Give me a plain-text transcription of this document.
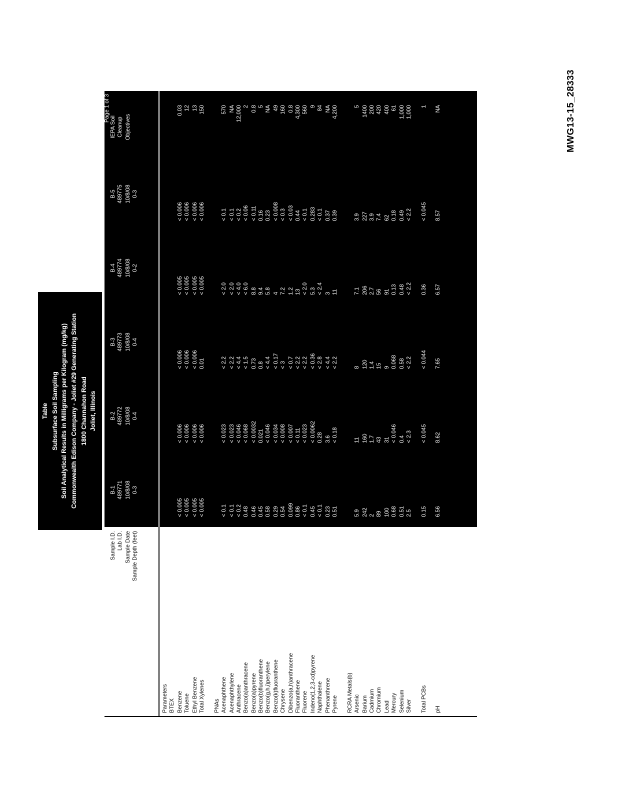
Table Subsurface Soil Sampling Soil Analytical Results in Milligrams per Kilogram (mg/kg) Commonwealth Edison Company - Joliet #29 Generating Station 1800 Channahon Road Joliet, Illinois
Sample I.D. Lab I.D. Sample Date Sample Depth (feet)
Parameters BTEX Benzene Toluene Ethyl Benzene Total Xylenes PNAs Acenaphthene Acenaphthylene Anthracene Benzo(a)anthracene Benzo(a)pyrene Benzo(b)fluoranthene Benzo(g,h,i)perylene Benzo(k)fluoranthene Chrysene Dibenzo(a,h)anthracene Fluoranthene Fluorene Indeno(1,2,3-cd)pyrene Naphthalene Phenanthrene Pyrene RCRA Metals(b) Arsenic Barium Cadmium Chromium Lead Mercury Selenium Silver Total PCBs pH
Page 1 of 3
B-1 489771 10/8/08 0-3
B-2 489772 10/8/08 0-4
B-3 489773 10/8/08 0-4
B-4 489774 10/8/08 0-2
B-5 489775 10/8/08 0-3
IEPA Soil Cleanup Objectives
< 0.005
< 0.006
< 0.006
< 0.005
< 0.006
0.03
< 0.005
< 0.006
< 0.006
< 0.005
< 0.006
12
< 0.005
< 0.006
< 0.006
< 0.005
< 0.006
13
< 0.005
< 0.006
0.01
< 0.005
< 0.006
150
< 0.1
< 0.023
< 2.2
< 2.0
< 0.1
570
< 0.1
< 0.023
< 2.2
< 2.0
< 0.1
NA
< 0.2
< 0.046
< 4.4
< 4.0
< 0.2
12,000
0.48
< 0.068
< 1.5
< 6.0
< 0.06
2
0.46
< 0.0032
0.73
8.8
< 0.11
0.8
0.45
0.021
0.8
9.4
0.16
5
0.58
< 0.046
< 4.4
5.8
0.23
NA
0.29
< 0.034
< 0.17
4
< 0.008
49
0.54
< 0.008
< 3
7.2
< 0.3
160
0.099
< 0.007
< 0.7
1.2
< 0.03
0.8
0.86
< 0.11
< 2.2
13
0.44
4,300
< 0.1
< 0.023
< 2.2
< 2.0
< 0.1
560
0.45
< 0.0062
< 0.36
5.3
0.283
9
< 0.1
0.28
< 2.8
< 2.4
< 0.1
84
0.23
3.6
< 4.4
3
0.37
NA
0.51
< 0.18
< 2.2
11
0.39
4,200
5.9
11
8
7.1
3.9
5
242
160
120
206
227
1400
2
1.7
1.4
2.7
3.9
200
89
43
15
56
7.4
420
100
31
9
91
62
400
0.68
< 0.046
0.068
0.13
0.18
61
0.51
0.4
0.58
0.48
0.49
1,000
2.5
< 2.3
< 2.2
< 2.2
< 2.2
1,000
0.15
< 0.045
< 0.044
0.36
< 0.045
1
6.56
8.62
7.65
6.57
8.57
NA	MWG13-15_28333
